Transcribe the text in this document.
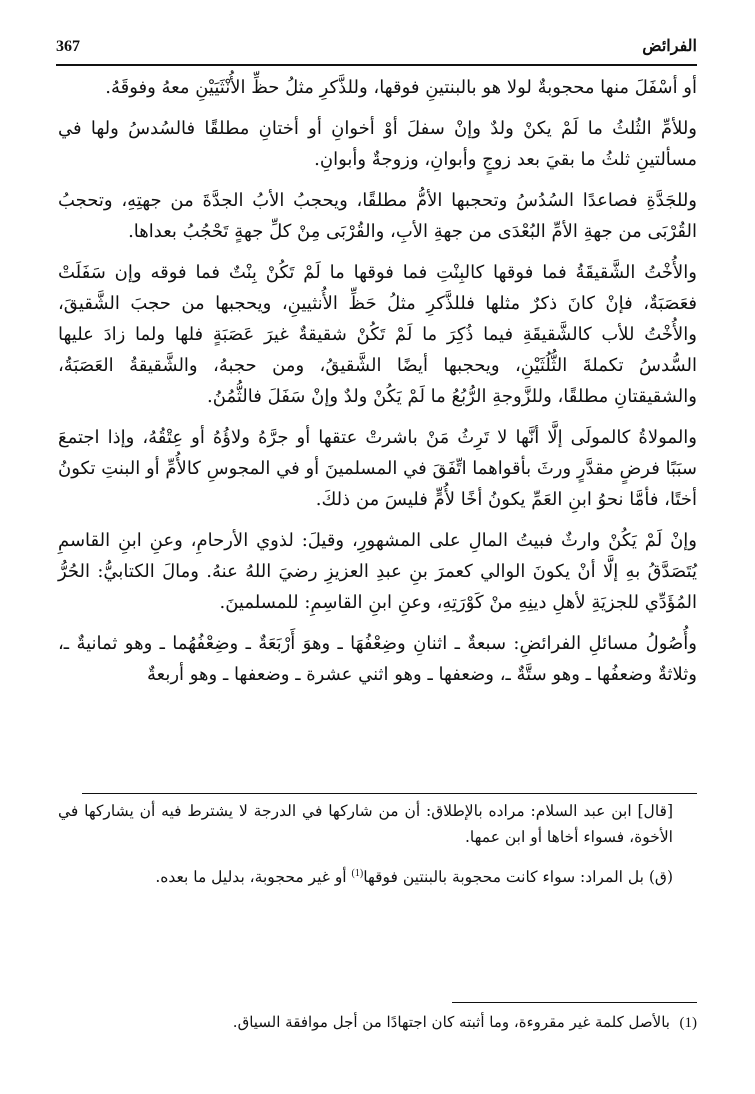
367	الفرائض

أو أسْفَلَ منها محجوبةٌ لولا هو بالبنتينِ فوقها، وللذَّكرِ مثلُ حظِّ الأُنْثَيَيْنِ معهُ وفوقَهُ.

وللأمِّ الثُلثُ ما لَمْ يكنْ ولدٌ وإنْ سفلَ أوْ أخوانِ أو أختانِ مطلقًا فالسُدسُ ولها في مسألتينِ ثلثُ ما بقيَ بعد زوجٍ وأبوانِ، وزوجةٌ وأبوانِ.

وللجَدَّةِ فصاعدًا السُدُسُ وتحجبها الأمُّ مطلقًا، ويحجبُ الأبُ الجدَّةَ من جهتِهِ، وتحجبُ القُرْبَى من جهةِ الأمِّ البُعْدَى من جهةِ الأبِ، والقُرْبَى مِنْ كلِّ جهةٍ تَحْجُبُ بعداها.

والأُخْتُ الشَّقيقَةُ فما فوقها كالبِنْتِ فما فوقها ما لَمْ تَكُنْ بِنْتٌ فما فوقه وإن سَفَلَتْ فعَصَبَةٌ، فإنْ كانَ ذكرٌ مثلها فللذَّكرِ مثلُ حَظِّ الأُنثيينِ، ويحجبها من حجبَ الشَّقيقَ، والأُخْتُ للأب كالشَّقيقَةِ فيما ذُكِرَ ما لَمْ تَكُنْ شقيقةٌ غيرَ عَصَبَةٍ فلها ولما زادَ عليها السُّدسُ تكملةَ الثُّلُثَيْنِ، ويحجبها أيضًا الشَّقيقُ، ومن حجبهُ، والشَّقيقةُ العَصَبَةُ، والشقيقتانِ مطلقًا، وللزَّوجةِ الرُّبُعُ ما لَمْ يَكُنْ ولدٌ وإنْ سَفَلَ فالثُّمُنُ.

والمولاةُ كالمولَى إلَّا أنَّها لا تَرِثُ مَنْ باشرتْ عتقها أو جرَّهُ ولاؤُهُ أو عِتْقُهُ، وإذا اجتمعَ سبَبًا فرضٍ مقدَّرٍ ورثَ بأقواهما اتِّفَقَ في المسلمينَ أو في المجوسِ كالأُمِّ أو البنتِ تكونُ أختًا، فأمَّا نحوُ ابنِ العَمِّ يكونُ أخًا لأُمٍّ فليسَ من ذلكَ.

وإنْ لَمْ يَكُنْ وارثٌ فبيتُ المالِ على المشهورِ، وقيلَ: لذوي الأرحامِ، وعنِ ابنِ القاسمِ يُتَصَدَّقُ بهِ إلَّا أنْ يكونَ الوالي كعمرَ بنِ عبدِ العزيزِ رضيَ اللهُ عنهُ. ومالَ الكتابيُّ: الحُرُّ المُؤَدِّي للجزيَةِ لأهلِ دينِهِ منْ كَوْرَتِهِ، وعنِ ابنِ القاسِمِ: للمسلمينَ.

وأُصُولُ مسائلِ الفرائضِ: سبعةٌ ـ اثنانِ وضِعْفُهَا ـ وهوَ أَرْبَعَةٌ ـ وضِعْفُهُما ـ وهو ثمانيةٌ ـ، وثلاثةٌ وضعفُها ـ وهو ستَّةٌ ـ، وضعفها ـ وهو اثني عشرة ـ وضعفها ـ وهو أربعةٌ

[قال] ابن عبد السلام: مراده بالإطلاق: أن من شاركها في الدرجة لا يشترط فيه أن يشاركها في الأخوة، فسواء أخاها أو ابن عمها.

(ق) بل المراد: سواء كانت محجوبة بالبنتين فوقها$^{(1)}$ أو غير محجوبة، بدليل ما بعده.

(1)  بالأصل كلمة غير مقروءة، وما أثبته كان اجتهادًا من أجل موافقة السياق.
